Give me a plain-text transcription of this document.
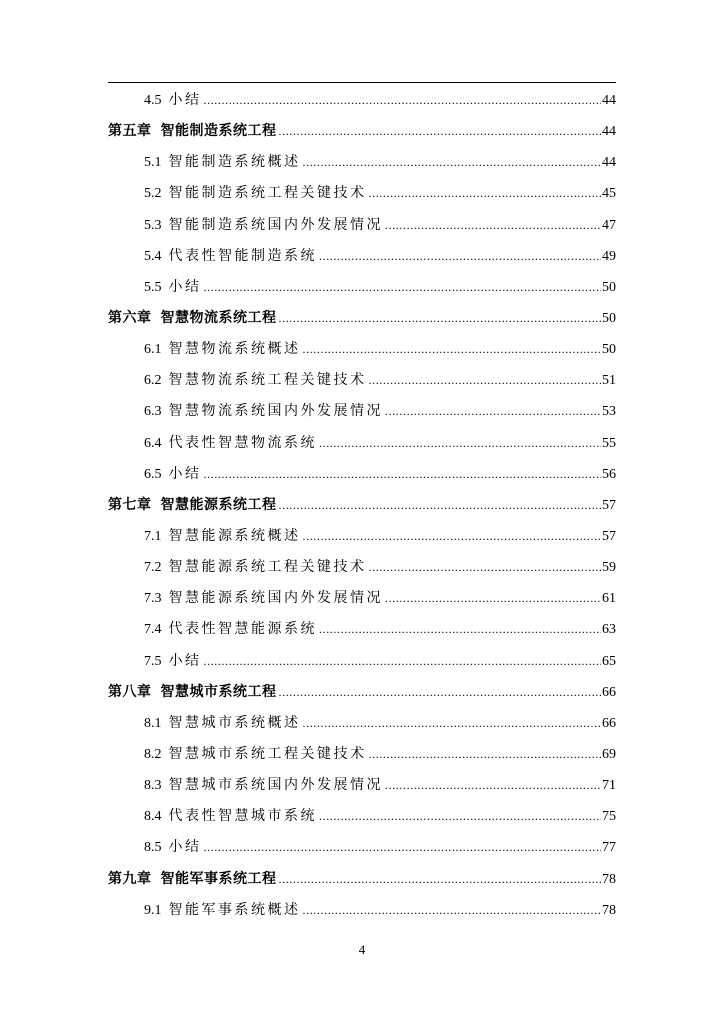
4.5 小结 .....	44
第五章 智能制造系统工程 .....	44
5.1 智能制造系统概述 .....	44
5.2 智能制造系统工程关键技术 .....	45
5.3 智能制造系统国内外发展情况 .....	47
5.4 代表性智能制造系统 .....	49
5.5 小结 .....	50
第六章 智慧物流系统工程 .....	50
6.1 智慧物流系统概述 .....	50
6.2 智慧物流系统工程关键技术 .....	51
6.3 智慧物流系统国内外发展情况 .....	53
6.4 代表性智慧物流系统 .....	55
6.5 小结 .....	56
第七章 智慧能源系统工程 .....	57
7.1 智慧能源系统概述 .....	57
7.2 智慧能源系统工程关键技术 .....	59
7.3 智慧能源系统国内外发展情况 .....	61
7.4 代表性智慧能源系统 .....	63
7.5 小结 .....	65
第八章 智慧城市系统工程 .....	66
8.1 智慧城市系统概述 .....	66
8.2 智慧城市系统工程关键技术 .....	69
8.3 智慧城市系统国内外发展情况 .....	71
8.4 代表性智慧城市系统 .....	75
8.5 小结 .....	77
第九章 智能军事系统工程 .....	78
9.1 智能军事系统概述 .....	78
4
